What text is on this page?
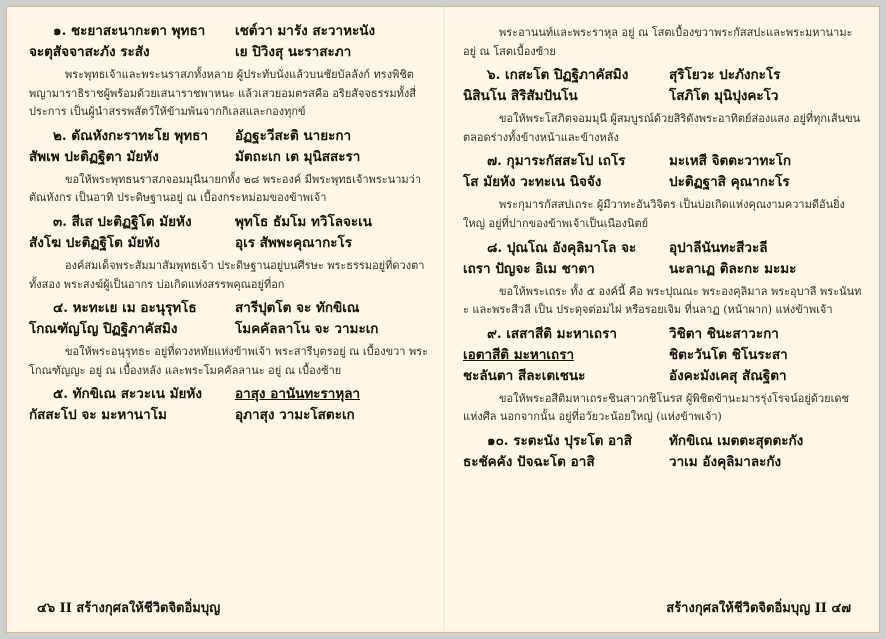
๑. ชะยาสะนากะตา พุทธา	เชต์วา มารัง สะวาหะนัง
จะตุสัจจาสะภัง ระสัง	เย ปิวิงสุ นะราสะภา
พระพุทธเจ้าและพระนราสภทั้งหลาย ผู้ประทับนั่งแล้วบนชัยบัลลังก์ ทรงพิชิตพญามาราธิราชผู้พร้อมด้วยเสนาราชพาหนะ แล้วเสวยอมตรสคือ อริยสัจจธรรมทั้งสี่ประการ เป็นผู้นำสรรพสัตว์ให้ข้ามพ้นจากกิเลสและกองทุกข์
๒. ตัณหังกะราทะโย พุทธา	อัฏฐะวีสะติ นายะกา
สัพเพ ปะติฏฐิตา มัยหัง	มัตถะเก เต มุนิสสะรา
ขอให้พระพุทธนราสภจอมมุนีนายกทั้ง ๒๘ พระองค์ มีพระพุทธเจ้าพระนามว่าตัณหังกร เป็นอาทิ ประดิษฐานอยู่ ณ เบื้องกระหม่อมของข้าพเจ้า
๓. สีเส ปะติฏฐิโต มัยหัง	พุทโธ ธัมโม ทวิโลจะเน
สังโฆ ปะติฏฐิโต มัยหัง	อุเร สัพพะคุณากะโร
องค์สมเด็จพระสัมมาสัมพุทธเจ้า ประดิษฐานอยู่บนศีรษะ พระธรรมอยู่ที่ดวงตาทั้งสอง พระสงฆ์ผู้เป็นอากร บ่อเกิดแห่งสรรพคุณอยู่ที่อก
๔. หะทะเย เม อะนุรุทโธ	สารีปุตโต จะ ทักขิเณ
โกณฑัญโญ ปิฏฐิภาคัสมิง	โมคคัลลาโน จะ วามะเก
ขอให้พระอนุรุทธะ อยู่ที่ดวงหทัยแห่งข้าพเจ้า พระสารีบุตรอยู่ ณ เบื้องขวา พระโกณฑัญญะ อยู่ ณ เบื้องหลัง และพระโมคคัลลานะ อยู่ ณ เบื้องซ้าย
๕. ทักขิเณ สะวะเน มัยหัง	อาสุง อานันทะราหุลา
กัสสะโป จะ มะหานาโม	อุภาสุง วามะโสตะเก
พระอานนท์และพระราหุล อยู่ ณ โสตเบื้องขวาพระกัสสปะและพระมหานามะ อยู่ ณ โสตเบื้องซ้าย
๖. เกสะโต ปิฏฐิภาคัสมิง	สุริโยวะ ปะภังกะโร
นิสินโน สิริสัมปันโน	โสภิโต มุนิปุงคะโว
ขอให้พระโสภิตจอมมุนี ผู้สมบูรณ์ด้วยสิริดังพระอาทิตย์ส่องแสง อยู่ที่ทุกเส้นขน ตลอดร่างทั้งข้างหน้าและข้างหลัง
๗. กุมาระกัสสะโป เถโร	มะเหสี จิตตะวาทะโก
โส มัยหัง วะทะเน นิจจัง	ปะติฏฐาสิ คุณากะโร
พระกุมารกัสสปเถระ ผู้มีวาทะอันวิจิตร เป็นบ่อเกิดแห่งคุณงามความดีอันยิ่งใหญ่ อยู่ที่ปากของข้าพเจ้าเป็นเนืองนิตย์
๘. ปุณโณ อังคุลิมาโล จะ	อุปาลีนันทะสีวะลี
เถรา ปัญจะ อิเม ชาตา	นะลาเฏ ติละกะ มะมะ
ขอให้พระเถระ ทั้ง ๕ องค์นี้ คือ พระปุณณะ พระองคุลิมาล พระอุบาลี พระนันทะ และพระสีวลี เป็น ประดุจต่อมไฝ หรือรอยเจิม ที่นลาฏ (หน้าผาก) แห่งข้าพเจ้า
๙. เสสาสีติ มะหาเถรา	วิชิตา ชินะสาวะกา
เอตาสีติ มะหาเถรา	ชิตะวันโต ชิโนระสา
ชะลันตา สีละเตเชนะ	อังคะมังเคสุ สัณฐิตา
ขอให้พระอสีติมหาเถระชินสาวกชิโนรส ผู้พิชิตข้านะมารรุ่งโรจน์อยู่ด้วยเดชแห่งศีล นอกจากนั้น อยู่ที่อวัยวะน้อยใหญ่ (แห่งข้าพเจ้า)
๑๐. ระตะนัง ปุระโต อาสิ	ทักขิเณ เมตตะสุตตะกัง
ธะชัคคัง ปัจฉะโต อาสิ	วาเม อังคุลิมาละกัง
๔๖ II สร้างกุศลให้ชีวิตจิตอิ่มบุญ	สร้างกุศลให้ชีวิตจิตอิ่มบุญ II ๔๗
